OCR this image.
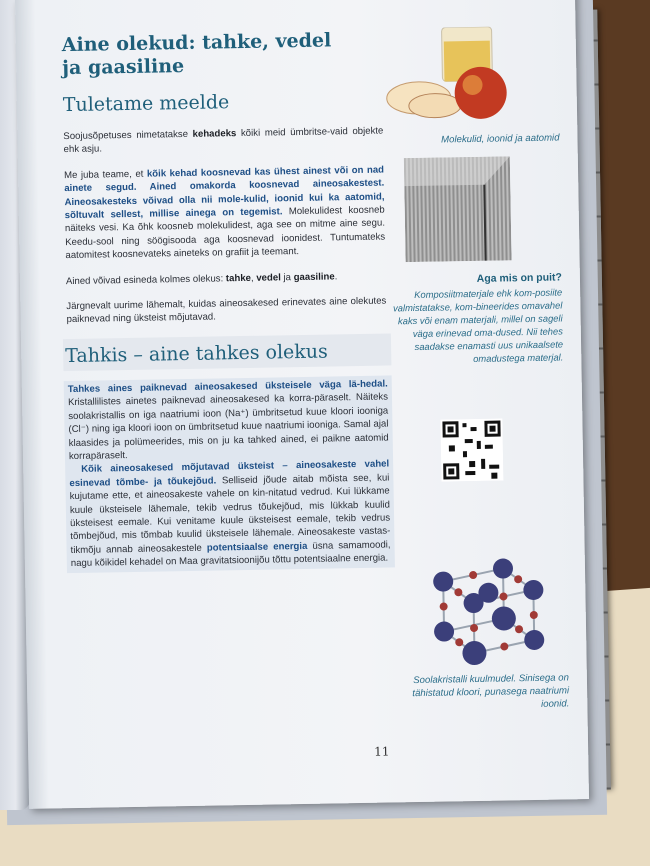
Aine olekud: tahke, vedel
ja gaasiline
Tuletame meelde

Soojusõpetuses nimetatakse kehadeks kõiki meid ümbritse-vaid objekte ehk asju.

Me juba teame, et kõik kehad koosnevad kas ühest ainest või on nad ainete segud. Ained omakorda koosnevad aineosakestest. Aineosakesteks võivad olla nii mole-kulid, ioonid kui ka aatomid, sõltuvalt sellest, millise ainega on tegemist. Molekulidest koosneb näiteks vesi. Ka õhk koosneb molekulidest, aga see on mitme aine segu. Keedu-sool ning söögisooda aga koosnevad ioonidest. Tuntumateks aatomitest koosnevateks aineteks on grafiit ja teemant.

Ained võivad esineda kolmes olekus: tahke, vedel ja gaasiline.

Järgnevalt uurime lähemalt, kuidas aineosakesed erinevates aine olekutes paiknevad ning üksteist mõjutavad.

Tahkis – aine tahkes olekus

Tahkes aines paiknevad aineosakesed üksteisele väga lä-hedal. Kristallilistes ainetes paiknevad aineosakesed ka korra-päraselt. Näiteks soolakristallis on iga naatriumi ioon (Na⁺) ümbritsetud kuue kloori iooniga (Cl⁻) ning iga kloori ioon on ümbritsetud kuue naatriumi iooniga. Samal ajal klaasides ja polümeerides, mis on ju ka tahked ained, ei paikne aatomid korrapäraselt.

Kõik aineosakesed mõjutavad üksteist – aineosakeste vahel esinevad tõmbe- ja tõukejõud. Selliseid jõude aitab mõista see, kui kujutame ette, et aineosakeste vahele on kin-nitatud vedrud. Kui lükkame kuule üksteisele lähemale, tekib vedrus tõukejõud, mis lükkab kuulid üksteisest eemale. Kui venitame kuule üksteisest eemale, tekib vedrus tõmbejõud, mis tõmbab kuulid üksteisele lähemale. Aineosakeste vastas-tikmõju annab aineosakestele potentsiaalse energia üsna samamoodi, nagu kõikidel kehadel on Maa gravitatsioonijõu tõttu potentsiaalne energia.

Molekulid, ioonid ja aatomid
Aga mis on puit?
Komposiitmaterjale ehk kom-posiite valmistatakse, kom-bineerides omavahel kaks või enam materjali, millel on sageli väga erinevad oma-dused. Nii tehes saadakse enamasti uus unikaalsete omadustega materjal.
Soolakristalli kuulmudel. Sinisega on tähistatud kloori, punasega naatriumi ioonid.
11
